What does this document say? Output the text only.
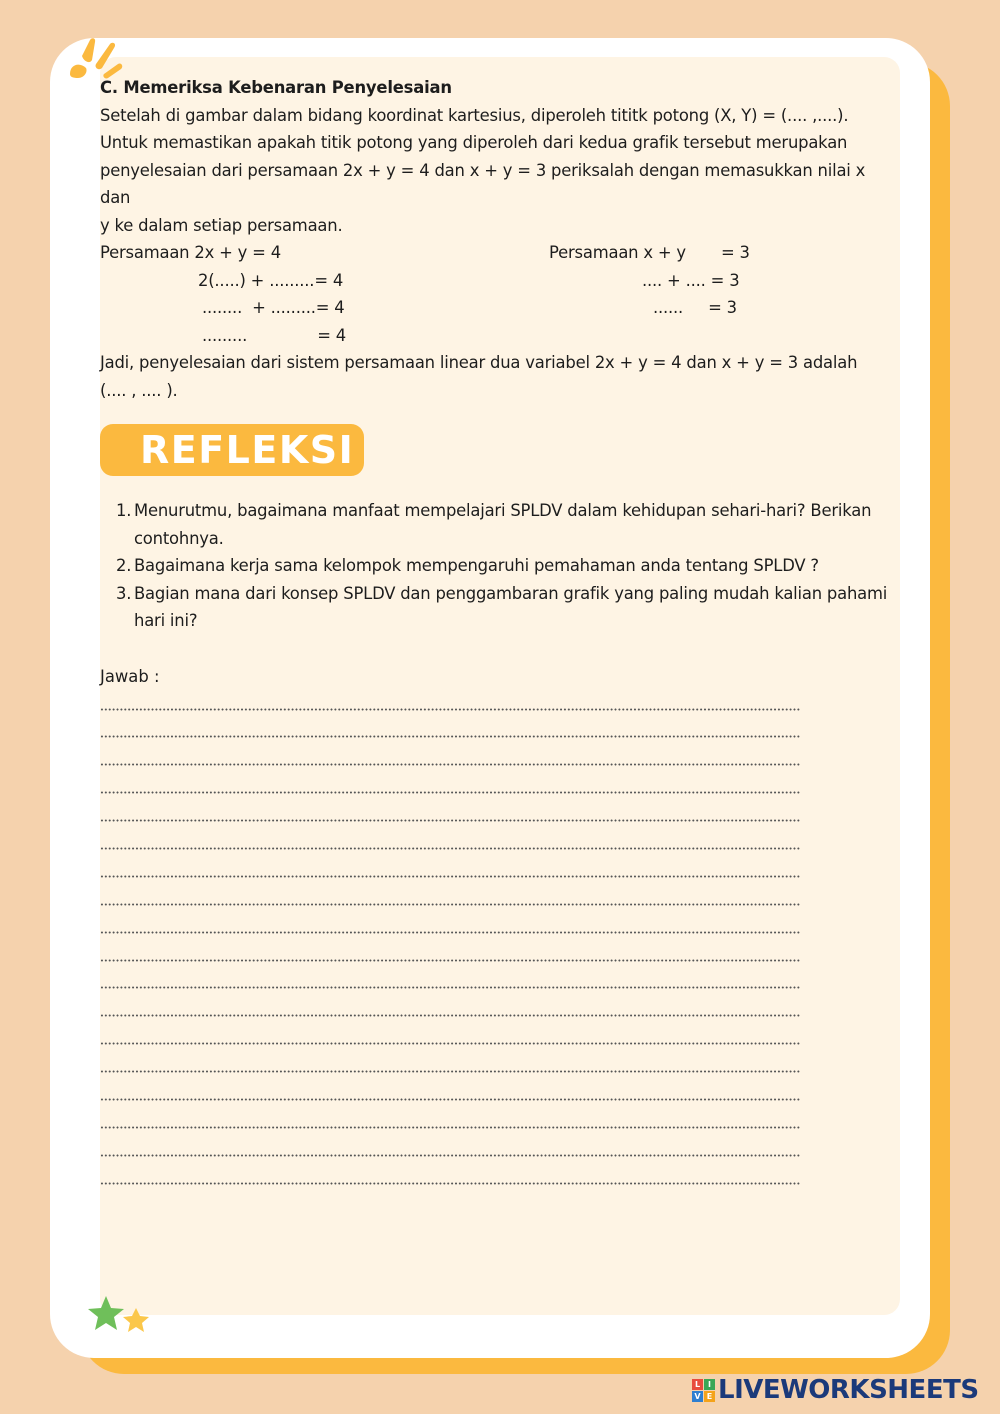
C. Memeriksa Kebenaran Penyelesaian

Setelah di gambar dalam bidang koordinat kartesius, diperoleh tititk potong (X, Y) = (.... ,....).

Untuk memastikan apakah titik potong yang diperoleh dari kedua grafik tersebut merupakan

penyelesaian dari persamaan 2x + y = 4 dan x + y = 3 periksalah dengan memasukkan nilai x dan

y ke dalam setiap persamaan.

Persamaan 2x + y = 4
2(.....) + .........= 4
........  + .........= 4
.........              = 4
Persamaan x + y       = 3
.... + .... = 3
......     = 3

Jadi, penyelesaian dari sistem persamaan linear dua variabel 2x + y = 4 dan x + y = 3 adalah

(.... , .... ).

REFLEKSI
1. Menurutmu, bagaimana manfaat mempelajari SPLDV dalam kehidupan sehari-hari? Berikan contohnya.
2. Bagaimana kerja sama kelompok mempengaruhi pemahaman anda tentang SPLDV ?
3. Bagian mana dari konsep SPLDV dan penggambaran grafik yang paling mudah kalian pahami hari ini?
Jawab :
L I
V E LIVEWORKSHEETS
